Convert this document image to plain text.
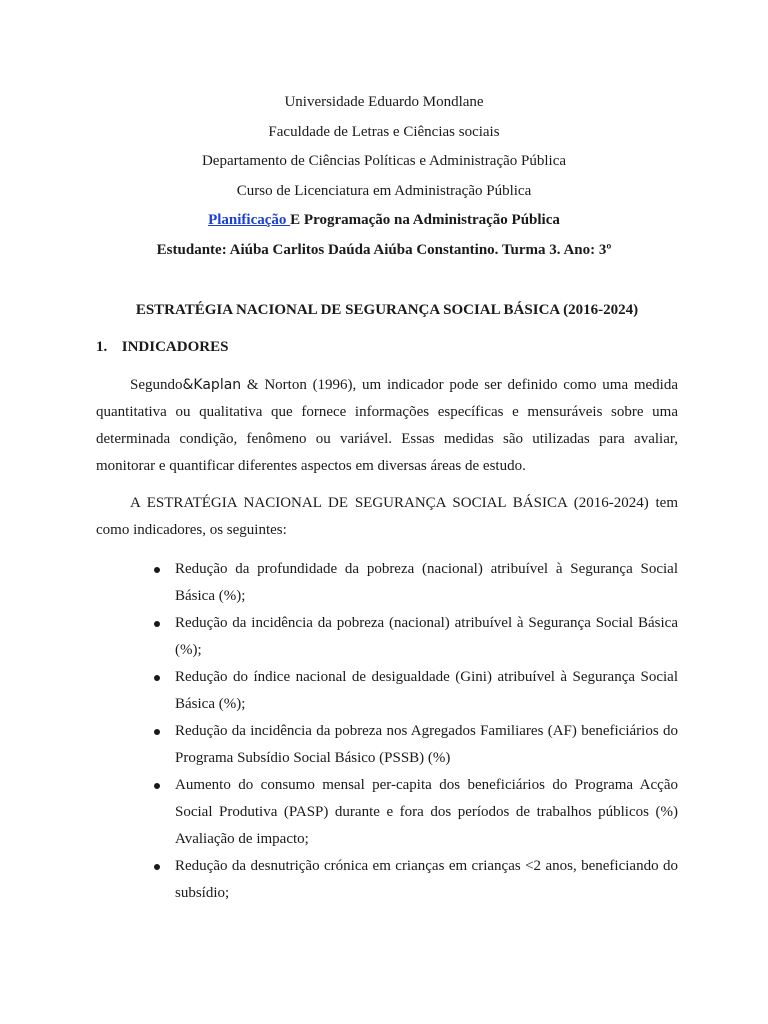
Universidade Eduardo Mondlane
Faculdade de Letras e Ciências sociais
Departamento de Ciências Políticas e Administração Pública
Curso de Licenciatura em Administração Pública
Planificação E Programação na Administração Pública
Estudante: Aiúba Carlitos Daúda Aiúba Constantino. Turma 3. Ano: 3º
ESTRATÉGIA NACIONAL DE SEGURANÇA SOCIAL BÁSICA (2016-2024)
1. INDICADORES
Segundo&Kaplan & Norton (1996), um indicador pode ser definido como uma medida quantitativa ou qualitativa que fornece informações específicas e mensuráveis sobre uma determinada condição, fenômeno ou variável. Essas medidas são utilizadas para avaliar, monitorar e quantificar diferentes aspectos em diversas áreas de estudo.
A ESTRATÉGIA NACIONAL DE SEGURANÇA SOCIAL BÁSICA (2016-2024) tem como indicadores, os seguintes:
Redução da profundidade da pobreza (nacional) atribuível à Segurança Social Básica (%);
Redução da incidência da pobreza (nacional) atribuível à Segurança Social Básica (%);
Redução do índice nacional de desigualdade (Gini) atribuível à Segurança Social Básica (%);
Redução da incidência da pobreza nos Agregados Familiares (AF) beneficiários do Programa Subsídio Social Básico (PSSB) (%)
Aumento do consumo mensal per-capita dos beneficiários do Programa Acção Social Produtiva (PASP) durante e fora dos períodos de trabalhos públicos (%) Avaliação de impacto;
Redução da desnutrição crónica em crianças em crianças <2 anos, beneficiando do subsídio;
